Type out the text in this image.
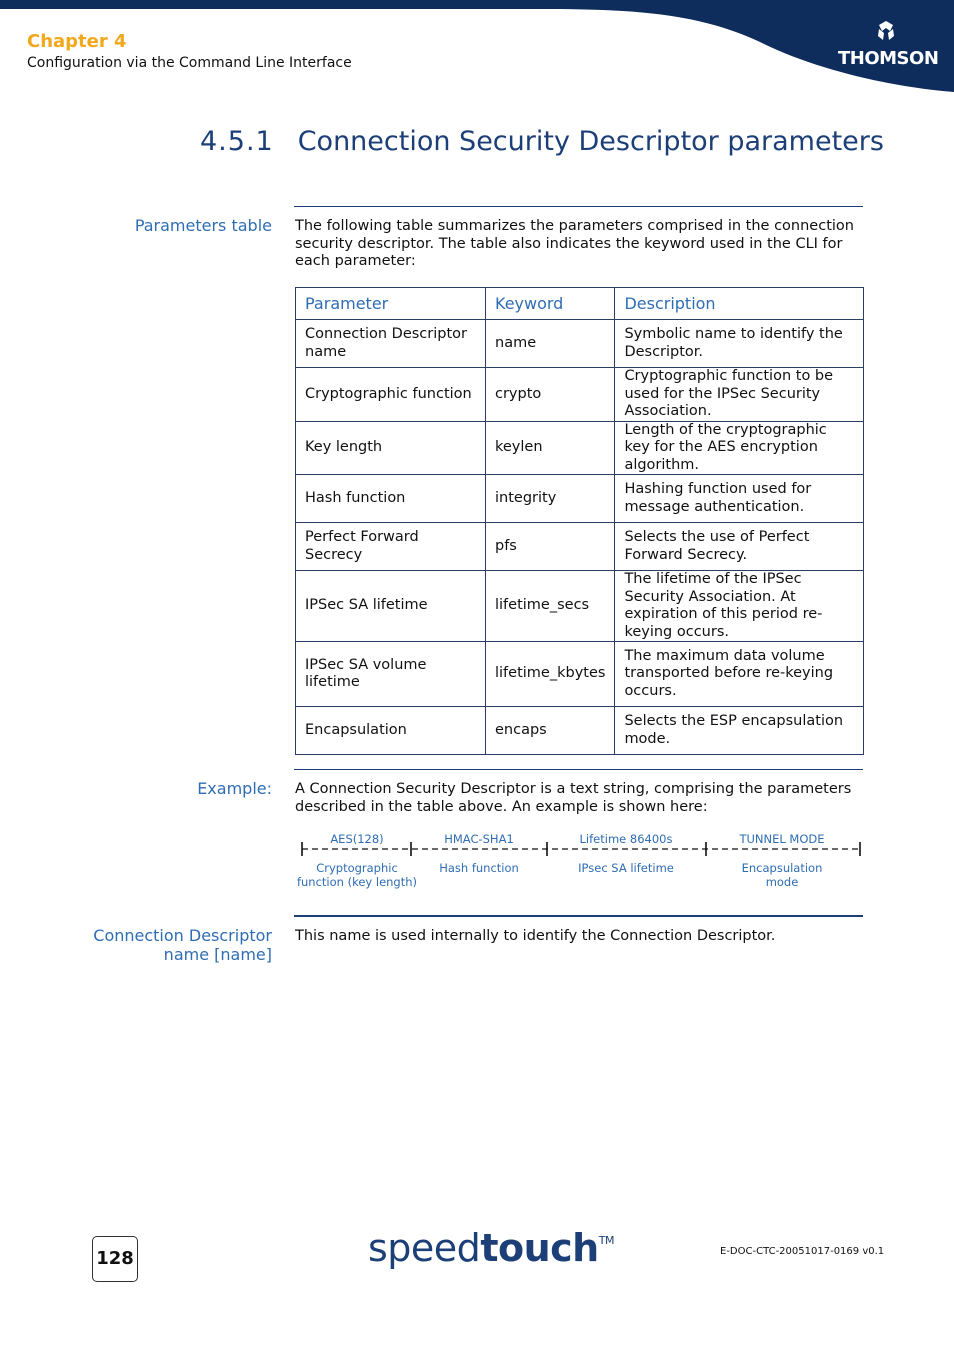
Chapter 4
Configuration via the Command Line Interface	THOMSON
4.5.1 Connection Security Descriptor parameters
Parameters table The following table summarizes the parameters comprised in the connection security descriptor. The table also indicates the keyword used in the CLI for each parameter:
Parameter	Keyword	Description
Connection Descriptor name	name	Symbolic name to identify the Descriptor.
Cryptographic function	crypto	Cryptographic function to be used for the IPSec Security Association.
Key length	keylen	Length of the cryptographic key for the AES encryption algorithm.
Hash function	integrity	Hashing function used for message authentication.
Perfect Forward Secrecy	pfs	Selects the use of Perfect Forward Secrecy.
IPSec SA lifetime	lifetime_secs	The lifetime of the IPSec Security Association. At expiration of this period re-keying occurs.
IPSec SA volume lifetime	lifetime_kbytes	The maximum data volume transported before re-keying occurs.
Encapsulation	encaps	Selects the ESP encapsulation mode.
Example: A Connection Security Descriptor is a text string, comprising the parameters described in the table above. An example is shown here:
AES(128)	HMAC-SHA1	Lifetime 86400s	TUNNEL MODE
Cryptographic function (key length)
Hash function	IPsec SA lifetime	Encapsulation mode
Connection Descriptor name [name]
This name is used internally to identify the Connection Descriptor.
128	speedtouch™
E-DOC-CTC-20051017-0169 v0.1
